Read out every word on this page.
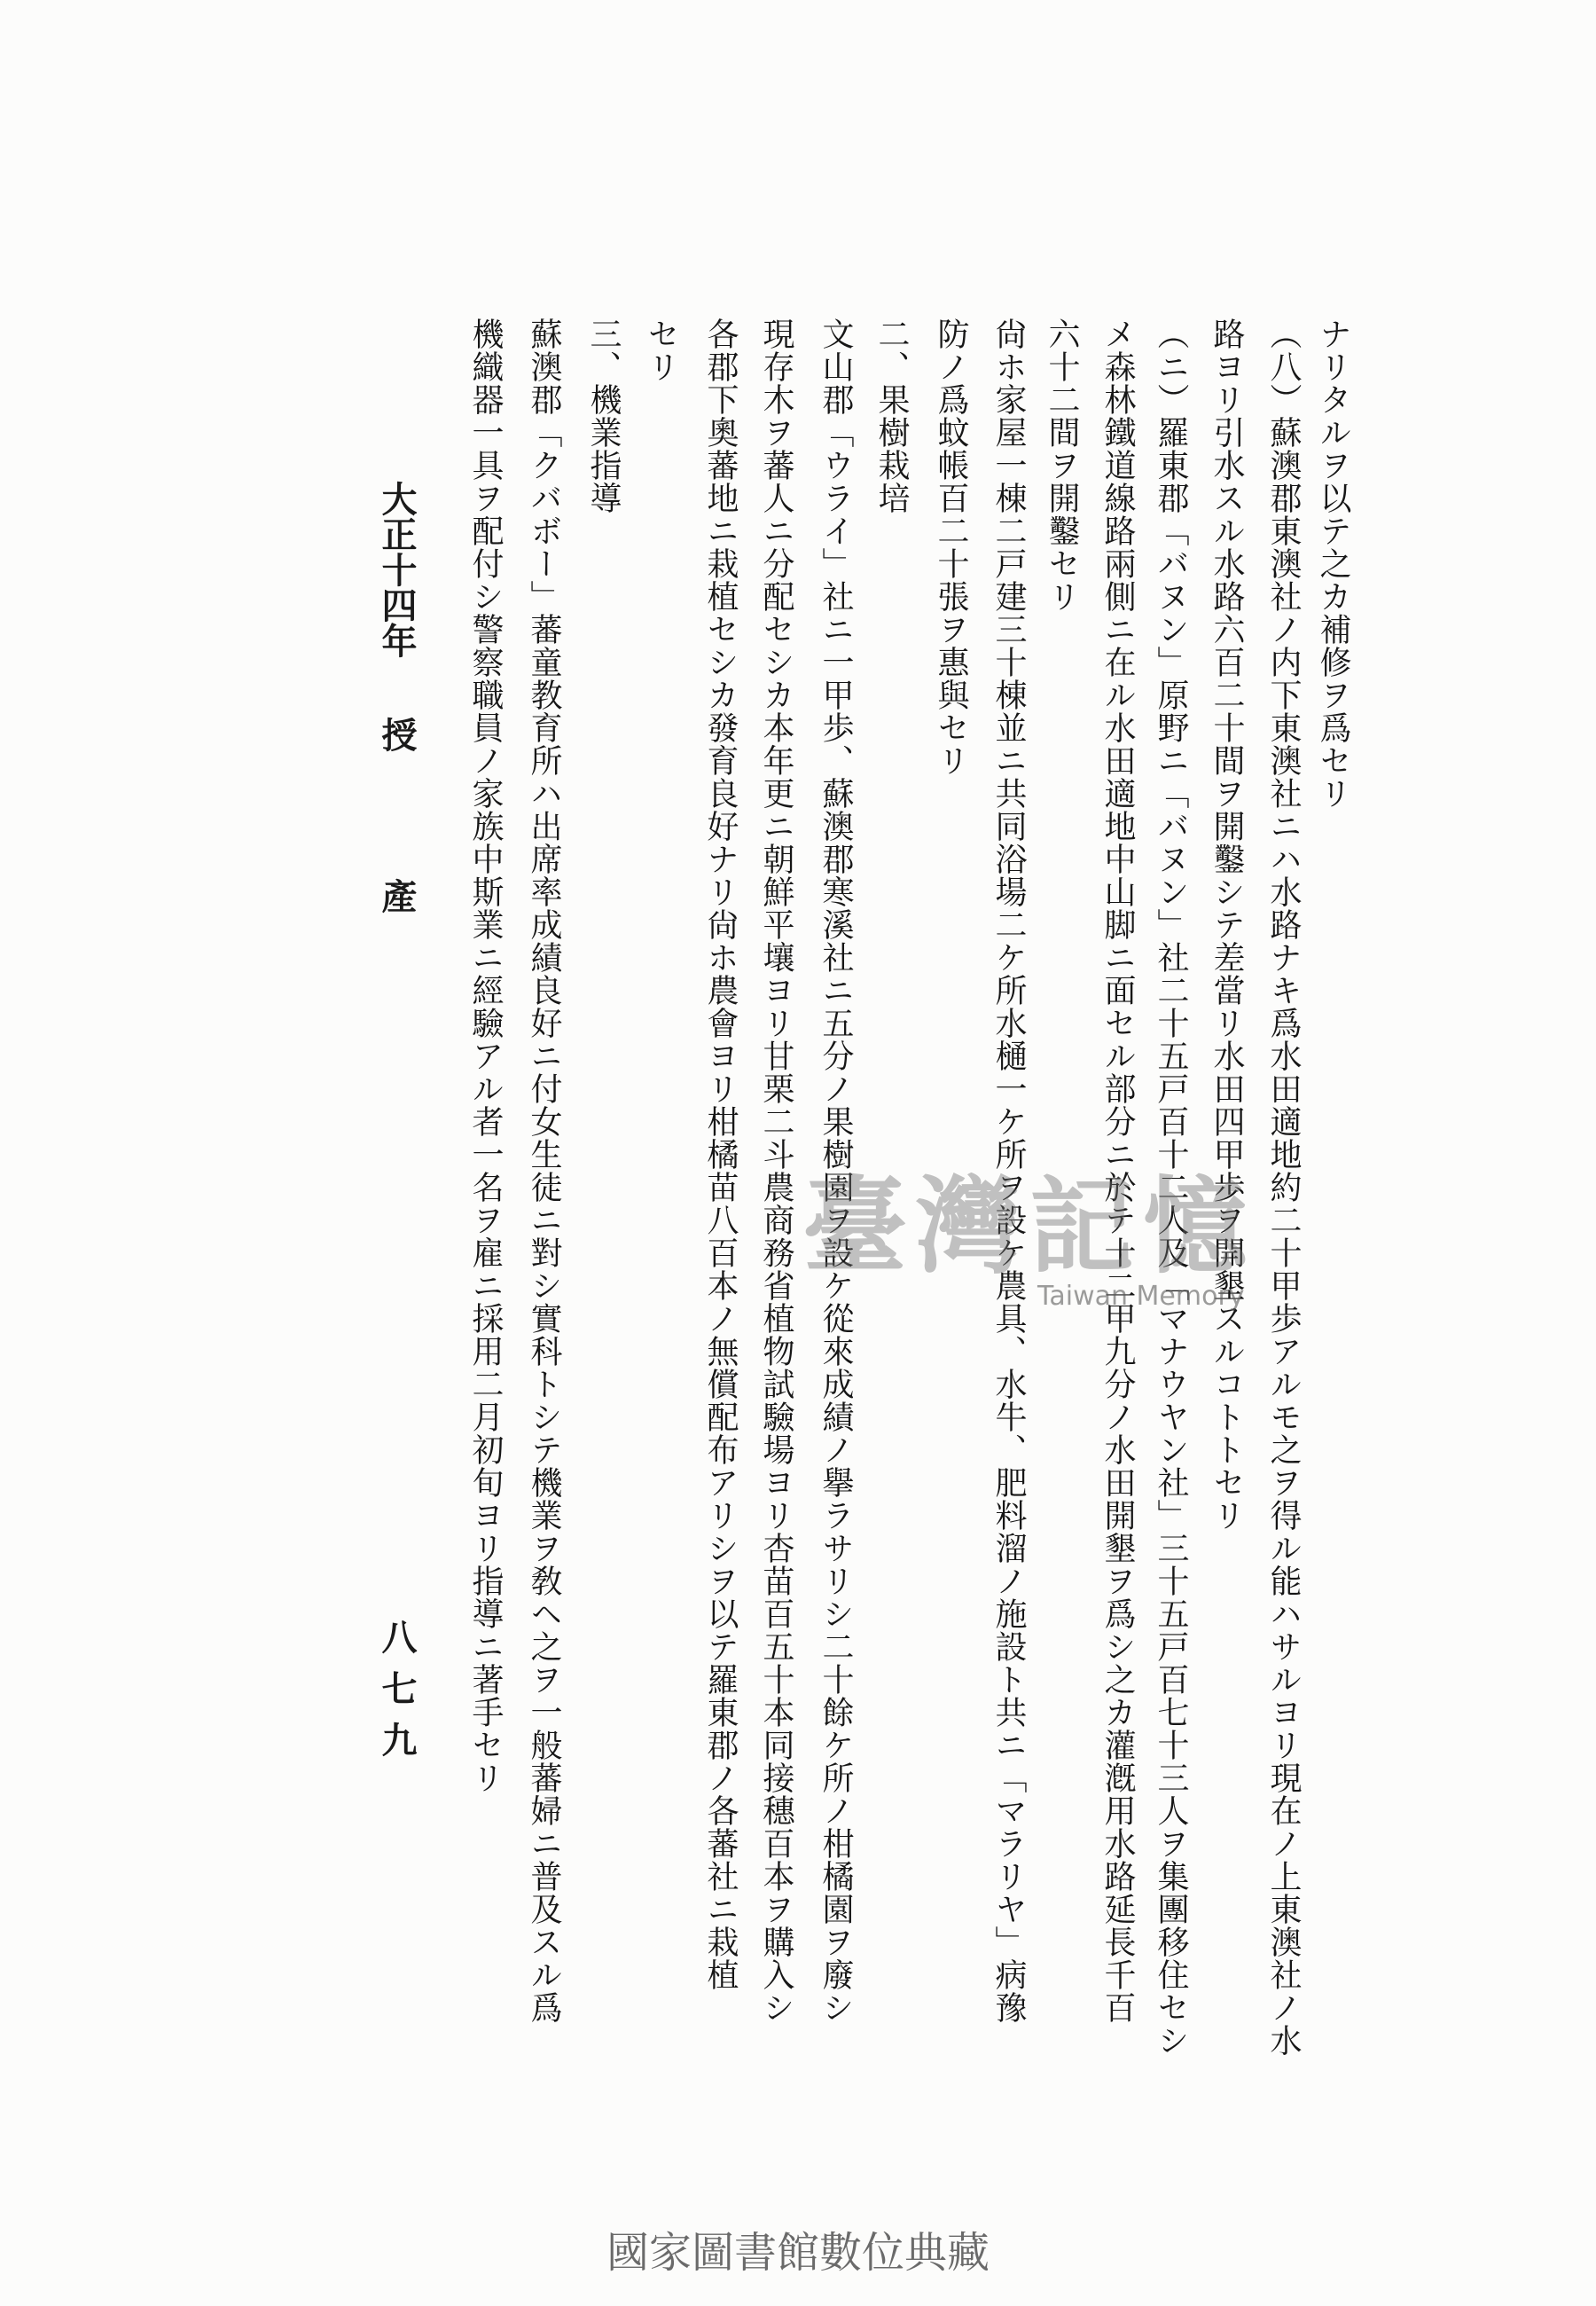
ナリタルヲ以テ之カ補修ヲ爲セリ
（八）蘇澳郡東澳社ノ内下東澳社ニハ水路ナキ爲水田適地約二十甲歩アルモ之ヲ得ル能ハサルヨリ現在ノ上東澳社ノ水
路ヨリ引水スル水路六百二十間ヲ開鑿シテ差當リ水田四甲歩ヲ開墾スルコトトセリ
（ニ）羅東郡「バヌン」原野ニ「バヌン」社二十五戸百十二人及「マナウヤン社」三十五戸百七十三人ヲ集團移住セシ
メ森林鐵道線路兩側ニ在ル水田適地中山脚ニ面セル部分ニ於テ十二甲九分ノ水田開墾ヲ爲シ之カ灌漑用水路延長千百
六十二間ヲ開鑿セリ
尙ホ家屋一棟二戸建三十棟並ニ共同浴場二ケ所水樋一ケ所ヲ設ケ農具、水牛、肥料溜ノ施設ト共ニ「マラリヤ」病豫
防ノ爲蚊帳百二十張ヲ惠與セリ
二、果樹栽培
文山郡「ウライ」社ニ一甲歩、蘇澳郡寒溪社ニ五分ノ果樹園ヲ設ケ從來成績ノ擧ラサリシ二十餘ケ所ノ柑橘園ヲ廢シ
現存木ヲ蕃人ニ分配セシカ本年更ニ朝鮮平壤ヨリ甘栗二斗農商務省植物試驗場ヨリ杏苗百五十本同接穗百本ヲ購入シ
各郡下奧蕃地ニ栽植セシカ發育良好ナリ尙ホ農會ヨリ柑橘苗八百本ノ無償配布アリシヲ以テ羅東郡ノ各蕃社ニ栽植
セリ
三、機業指導
蘇澳郡「クバボー」蕃童教育所ハ出席率成績良好ニ付女生徒ニ對シ實科トシテ機業ヲ敎ヘ之ヲ一般蕃婦ニ普及スル爲
機織器一具ヲ配付シ警察職員ノ家族中斯業ニ經驗アル者一名ヲ雇ニ採用二月初旬ヨリ指導ニ著手セリ
大正十四年
授
產
八七九
臺灣記憶
Taiwan Memory
國家圖書館數位典藏
